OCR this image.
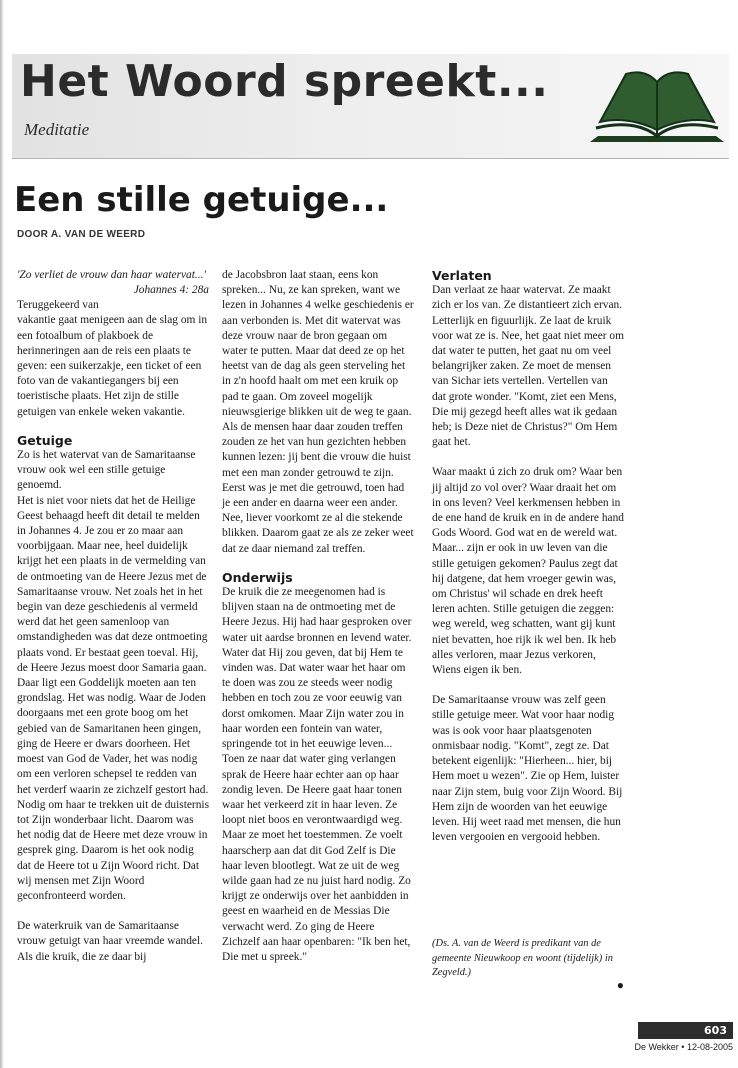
Het Woord spreekt...
Meditatie
Een stille getuige...
DOOR A. VAN DE WEERD

'Zo verliet de vrouw dan haar watervat...'
Johannes 4: 28a

Teruggekeerd van vakantie gaat menigeen aan de slag om in een fotoalbum of plakboek de herinneringen aan de reis een plaats te geven: een suikerzakje, een ticket of een foto van de vakantiegangers bij een toeristische plaats. Het zijn de stille getuigen van enkele weken vakantie.

Getuige

Zo is het watervat van de Samaritaanse vrouw ook wel een stille getuige genoemd.

Het is niet voor niets dat het de Heilige Geest behaagd heeft dit detail te melden in Johannes 4. Je zou er zo maar aan voorbijgaan. Maar nee, heel duidelijk krijgt het een plaats in de vermelding van de ontmoeting van de Heere Jezus met de Samaritaanse vrouw. Net zoals het in het begin van deze geschiedenis al vermeld werd dat het geen samenloop van omstandigheden was dat deze ontmoeting plaats vond. Er bestaat geen toeval. Hij, de Heere Jezus moest door Samaria gaan. Daar ligt een Goddelijk moeten aan ten grondslag. Het was nodig. Waar de Joden doorgaans met een grote boog om het gebied van de Samaritanen heen gingen, ging de Heere er dwars doorheen. Het moest van God de Vader, het was nodig om een verloren schepsel te redden van het verderf waarin ze zichzelf gestort had. Nodig om haar te trekken uit de duisternis tot Zijn wonderbaar licht. Daarom was het nodig dat de Heere met deze vrouw in gesprek ging. Daarom is het ook nodig dat de Heere tot u Zijn Woord richt. Dat wij mensen met Zijn Woord geconfronteerd worden.

De waterkruik van de Samaritaanse vrouw getuigt van haar vreemde wandel. Als die kruik, die ze daar bij

de Jacobsbron laat staan, eens kon spreken... Nu, ze kan spreken, want we lezen in Johannes 4 welke geschiedenis er aan verbonden is. Met dit watervat was deze vrouw naar de bron gegaan om water te putten. Maar dat deed ze op het heetst van de dag als geen sterveling het in z'n hoofd haalt om met een kruik op pad te gaan. Om zoveel mogelijk nieuwsgierige blikken uit de weg te gaan. Als de mensen haar daar zouden treffen zouden ze het van hun gezichten hebben kunnen lezen: jij bent die vrouw die huist met een man zonder getrouwd te zijn. Eerst was je met die getrouwd, toen had je een ander en daarna weer een ander. Nee, liever voorkomt ze al die stekende blikken. Daarom gaat ze als ze zeker weet dat ze daar niemand zal treffen.

Onderwijs

De kruik die ze meegenomen had is blijven staan na de ontmoeting met de Heere Jezus. Hij had haar gesproken over water uit aardse bronnen en levend water. Water dat Hij zou geven, dat bij Hem te vinden was. Dat water waar het haar om te doen was zou ze steeds weer nodig hebben en toch zou ze voor eeuwig van dorst omkomen. Maar Zijn water zou in haar worden een fontein van water, springende tot in het eeuwige leven... Toen ze naar dat water ging verlangen sprak de Heere haar echter aan op haar zondig leven. De Heere gaat haar tonen waar het verkeerd zit in haar leven. Ze loopt niet boos en verontwaardigd weg. Maar ze moet het toestemmen. Ze voelt haarscherp aan dat dit God Zelf is Die haar leven blootlegt. Wat ze uit de weg wilde gaan had ze nu juist hard nodig. Zo krijgt ze onderwijs over het aanbidden in geest en waarheid en de Messias Die verwacht werd. Zo ging de Heere Zichzelf aan haar openbaren: "Ik ben het, Die met u spreek."

Verlaten

Dan verlaat ze haar watervat. Ze maakt zich er los van. Ze distantieert zich ervan. Letterlijk en figuurlijk. Ze laat de kruik voor wat ze is. Nee, het gaat niet meer om dat water te putten, het gaat nu om veel belangrijker zaken. Ze moet de mensen van Sichar iets vertellen. Vertellen van dat grote wonder. "Komt, ziet een Mens, Die mij gezegd heeft alles wat ik gedaan heb; is Deze niet de Christus?" Om Hem gaat het.

Waar maakt ú zich zo druk om? Waar ben jij altijd zo vol over? Waar draait het om in ons leven? Veel kerkmensen hebben in de ene hand de kruik en in de andere hand Gods Woord. God wat en de wereld wat. Maar... zijn er ook in uw leven van die stille getuigen gekomen? Paulus zegt dat hij datgene, dat hem vroeger gewin was, om Christus' wil schade en drek heeft leren achten. Stille getuigen die zeggen: weg wereld, weg schatten, want gij kunt niet bevatten, hoe rijk ik wel ben. Ik heb alles verloren, maar Jezus verkoren, Wiens eigen ik ben.

De Samaritaanse vrouw was zelf geen stille getuige meer. Wat voor haar nodig was is ook voor haar plaatsgenoten onmisbaar nodig. "Komt", zegt ze. Dat betekent eigenlijk: "Hierheen... hier, bij Hem moet u wezen". Zie op Hem, luister naar Zijn stem, buig voor Zijn Woord. Bij Hem zijn de woorden van het eeuwige leven. Hij weet raad met mensen, die hun leven vergooien en vergooid hebben.

(Ds. A. van de Weerd is predikant van de gemeente Nieuwkoop en woont (tijdelijk) in Zegveld.)
●

603
De Wekker • 12-08-2005
